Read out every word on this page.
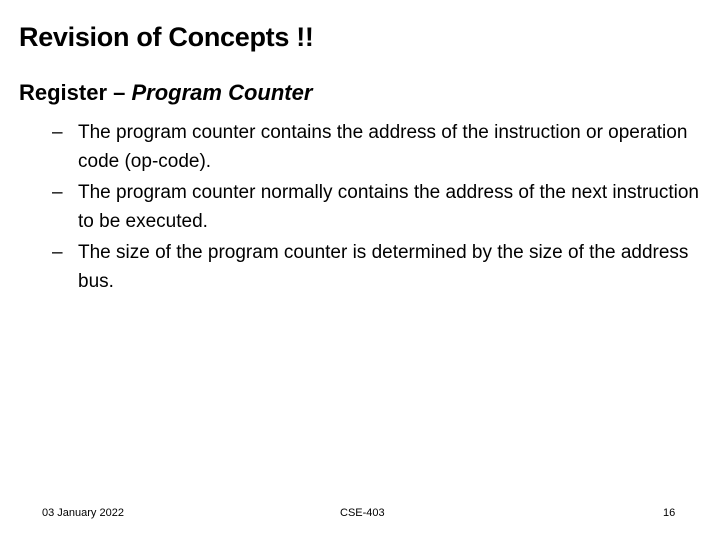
Revision of Concepts !!
Register – Program Counter
– The program counter contains the address of the instruction or operation code (op-code).
– The program counter normally contains the address of the next instruction to be executed.
– The size of the program counter is determined by the size of the address bus.
03 January 2022	CSE-403	16
